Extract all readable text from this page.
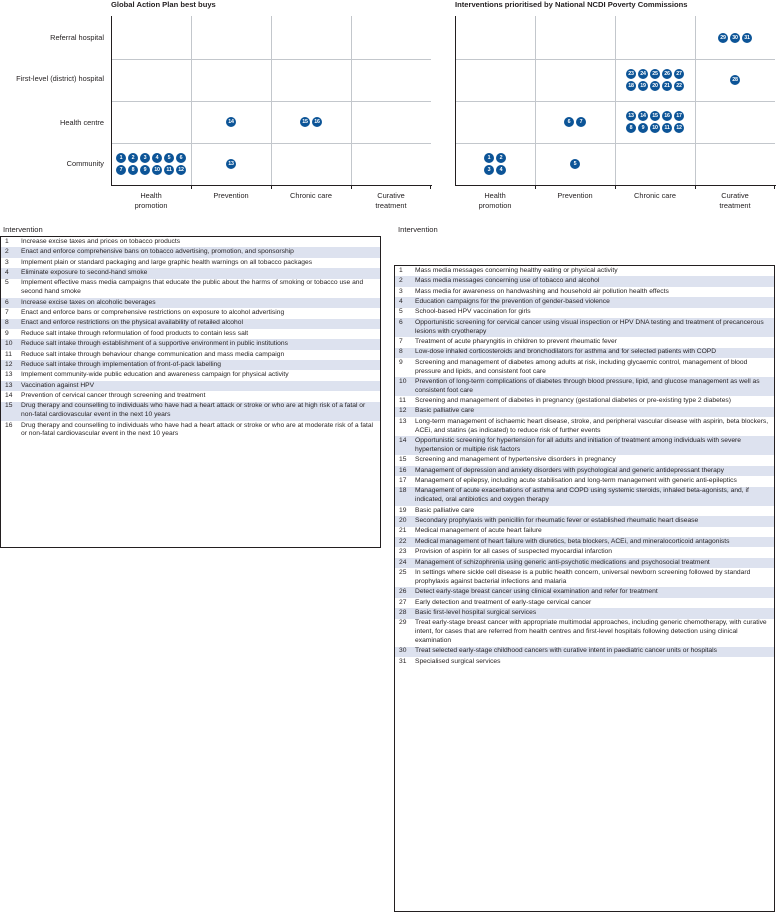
Global Action Plan best buys	Interventions prioritised by National NCDI Poverty Commissions
Referral hospital
First-level (district) hospital
Health centre
Community
Intervention
1	Increase excise taxes and prices on tobacco products
2	Enact and enforce comprehensive bans on tobacco advertising, promotion, and sponsorship
3	Implement plain or standard packaging and large graphic health warnings on all tobacco packages
4	Eliminate exposure to second-hand smoke
5	Implement effective mass media campaigns that educate the public about the harms of smoking or tobacco use and second hand smoke
6	Increase excise taxes on alcoholic beverages
7	Enact and enforce bans or comprehensive restrictions on exposure to alcohol advertising
8	Enact and enforce restrictions on the physical availability of retailed alcohol
9	Reduce salt intake through reformulation of food products to contain less salt
10	Reduce salt intake through establishment of a supportive environment in public institutions
11	Reduce salt intake through behaviour change communication and mass media campaign
12	Reduce salt intake through implementation of front-of-pack labelling
13	Implement community-wide public education and awareness campaign for physical activity
13	Vaccination against HPV
14	Prevention of cervical cancer through screening and treatment
15	Drug therapy and counselling to individuals who have had a heart attack or stroke or who are at high risk of a fatal or non-fatal cardiovascular event in the next 10 years
16	Drug therapy and counselling to individuals who have had a heart attack or stroke or who are at moderate risk of a fatal or non-fatal cardiovascular event in the next 10 years
Intervention
1	Mass media messages concerning healthy eating or physical activity
2	Mass media messages concerning use of tobacco and alcohol
3	Mass media for awareness on handwashing and household air pollution health effects
4	Education campaigns for the prevention of gender-based violence
5	School-based HPV vaccination for girls
6	Opportunistic screening for cervical cancer using visual inspection or HPV DNA testing and treatment of precancerous lesions with cryotherapy
7	Treatment of acute pharyngitis in children to prevent rheumatic fever
8	Low-dose inhaled corticosteroids and bronchodilators for asthma and for selected patients with COPD
9	Screening and management of diabetes among adults at risk, including glycaemic control, management of blood pressure and lipids, and consistent foot care
10	Prevention of long-term complications of diabetes through blood pressure, lipid, and glucose management as well as consistent foot care
11	Screening and management of diabetes in pregnancy (gestational diabetes or pre-existing type 2 diabetes)
12	Basic palliative care
13	Long-term management of ischaemic heart disease, stroke, and peripheral vascular disease with aspirin, beta blockers, ACEi, and statins (as indicated) to reduce risk of further events
14	Opportunistic screening for hypertension for all adults and initiation of treatment among individuals with severe hypertension or multiple risk factors
15	Screening and management of hypertensive disorders in pregnancy
16	Management of depression and anxiety disorders with psychological and generic antidepressant therapy
17	Management of epilepsy, including acute stabilisation and long-term management with generic anti-epileptics
18	Management of acute exacerbations of asthma and COPD using systemic steroids, inhaled beta-agonists, and, if indicated, oral antibiotics and oxygen therapy
19	Basic palliative care
20	Secondary prophylaxis with penicillin for rheumatic fever or established rheumatic heart disease
21	Medical management of acute heart failure
22	Medical management of heart failure with diuretics, beta blockers, ACEi, and mineralocorticoid antagonists
23	Provision of aspirin for all cases of suspected myocardial infarction
24	Management of schizophrenia using generic anti-psychotic medications and psychosocial treatment
25	In settings where sickle cell disease is a public health concern, universal newborn screening followed by standard prophylaxis against bacterial infections and malaria
26	Detect early-stage breast cancer using clinical examination and refer for treatment
27	Early detection and treatment of early-stage cervical cancer
28	Basic first-level hospital surgical services
29	Treat early-stage breast cancer with appropriate multimodal approaches, including generic chemotherapy, with curative intent, for cases that are referred from health centres and first-level hospitals following detection using clinical examination
30	Treat selected early-stage childhood cancers with curative intent in paediatric cancer units or hospitals
31	Specialised surgical services
Health
promotion
Prevention	Chronic care	Curative
treatment
14	15	16
1	2	3	4	5	6
7	8	9	10	11	12
13
Health
promotion
Prevention	Chronic care	Curative
treatment
29	30	31
23	24	25	26	27
18	19	20	21	22
28
6	7
13	14	15	16	17
8	9	10	11	12
1	2
3	4
5
